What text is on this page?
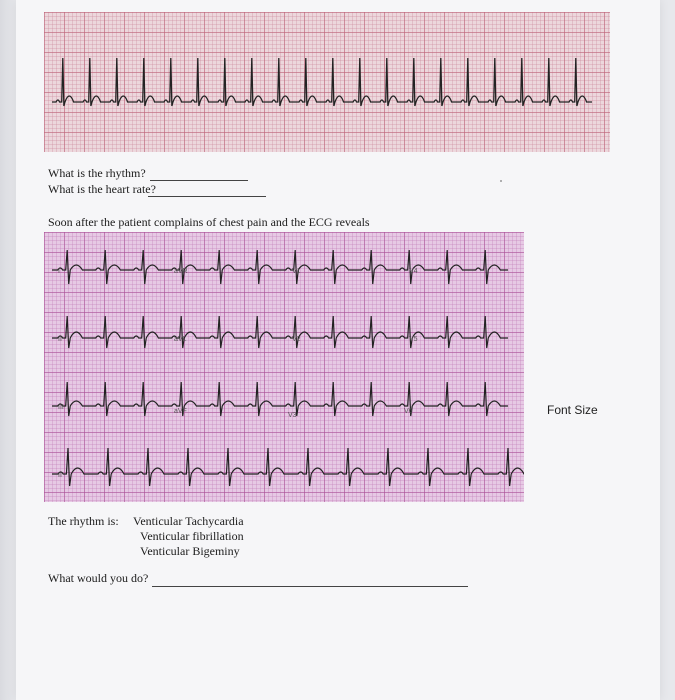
What is the rhythm?
What is the heart rate?
Soon after the patient complains of chest pain and the ECG reveals
I	aVR	V1	V4
II	aVL	V2	V5
III
aVF
V3
V6
II
Font Size
The rhythm is: Venticular Tachycardia
Venticular fibrillation
Venticular Bigeminy
What would you do?
